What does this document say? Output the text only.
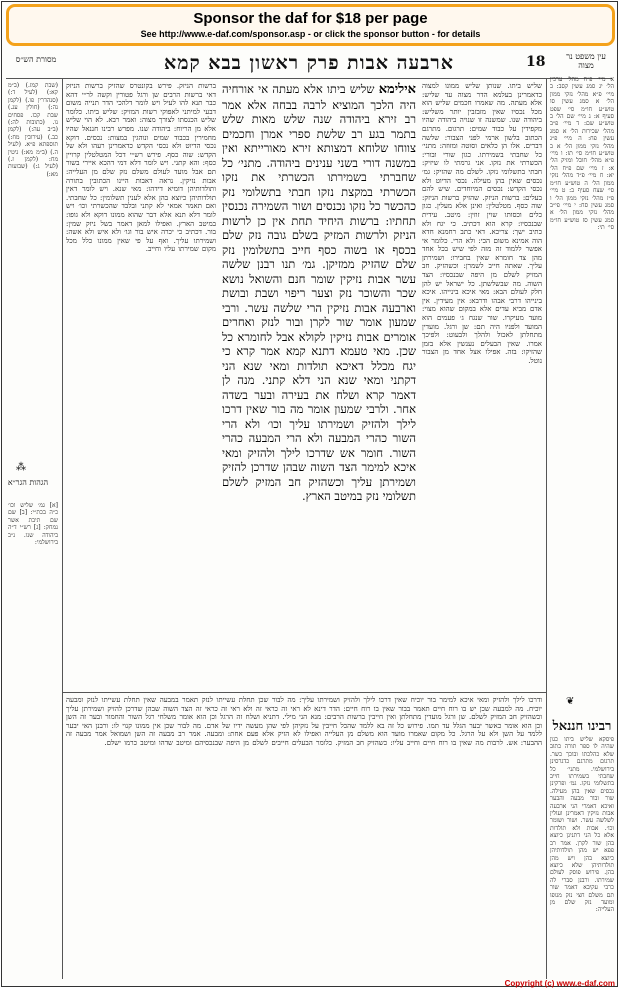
Sponsor the daf for $18 per page
See http://www.e-daf.com/sponsor.asp - or click the sponsor button - for details
מסורת הש״ס	ארבעה אבות פרק ראשון בבא קמא	18	עין משפט נר מצוה
(שבת קמז.) (ב״מ קא:) (לעיל ד:) (סנהדרין פו.) (לקמן נה:) (חולין עג.) שבת קכז. פסחים נו. (כתובות לה:) (ב״ב עה:) (לקמן כב.) (עירובין מח:) תוספתא פ״א. (לעיל ה.) (ב״מ מא:) גיטין מח: (לקמן ז.) (לעיל ג:) (שבועות מא:)
⁂
הגהות הגר״א
[א] גמ׳ שליש וכו׳ כ״ה בכת״י: [ב] שם שם תיבת אשר נמחק: [ג] רש״י ד״ה ביהודה שנו. נ״ב בירושלמי:
ברשות הניזק. פירש בקונטרס שהזיק ברשות הניזק דאי ברשות הרבים שן ורגל פטורין וקשה לר״י דהא כבר תנא להו לעיל ויש לומר דלהכי הדר תנייה משום דבעי למיתני לאפוקי רשות המזיק: שליש ביתו. כלומר שליש הכנסתו לצורך מצוה: ואמר רבא. לא הוי שליש אלא מן הריוח: ביהודה שנו. מפרש רבינו חננאל שהיו מחמירין בכבוד שמים ונוהגין במצות: נכסים. דוקא נכסי הדיוט ולא נכסי הקדש כדאמרינן רעהו ולא של הקדש: שוה כסף. פירש רש״י דכל המטלטלין קרויין כסף: והא קתני. ויש לומר דלא דמי דהכא איירי בשור תם אבל מועד לעולם משלם נזק שלם מן העלייה: אבות נזיקין. נראה דאבות היינו הכתובין בתורה ותולדותיהן דומיא דידהו: מאי שנא. ויש לומר דאין תולדותיהן כיוצא בהן אלא לענין תשלומין: כל שחבתי. ואם תאמר אמאי לא קתני ובלבד שהכשרתי וכו׳ ויש לומר דלא תנא אלא דבר שהוא ממונו דוקא ולא גופו: במיטב הארץ. ואפילו למאן דאמר בשל ניזק שמין: בור. דכתיב כי יכרה איש בור וגו׳ ולא איש ולא אשה: ושמירתו עליך. ואף על פי שאין ממונו כלל מכל מקום שמירתו עליו וחייב.
אילימא שליש ביתו אלא מעתה אי אורחיה היה הלכך המוציא לרבה בבחה אלא אמר רב זירא ביהודה שנה שלש מאות שלש בתמר בגע רב שלשת ספרי אמרן וחכמים צווחו שלוחא דמצותא זירא מאורייתא ואין במשנה דורי בשני ענינים ביהודה. מתני׳ כל שחברתי בשמירתו הכשרתי את נזקו הכשרתי במקצת נזקו חבתי בתשלומי נזק כהכשר כל נזקו נכנסים ושור השמירה נכנסין תחתיו: ברשות היחיד תחת אין כן לרשות הניזק ולרשות המזיק בשלם גובה נזק שלם בכסף או בשוה כסף חייב בתשלומין נזק שלם שהזיק ממזיקן. גמ׳ תנו רבנן שלשה עשר אבות נזיקין שומר חנם והשואל נושא שכר והשוכר נזק וצער ריפוי ושבת ובושת וארבעה אבות נזיקין הרי שלשה עשר. ורבי שמעון אומר שור לקרן ובור לנזק ואחרים אומרים אבות נזיקין לקולא אבל לחומרא כל שכן. מאי טעמא דתנא קמא אמר קרא כי יגח מכלל דאיכא תולדות ומאי שנא הני דקתני ומאי שנא הני דלא קתני. מנה לן דאמר קרא ושלח את בעירה ובער בשדה אחר. ולרבי שמעון אומר מה בור שאין דרכו לילך ולהזיק ושמירתו עליך וכו׳ ולא הרי השור כהרי המבעה ולא הרי המבעה כהרי השור. חומר אש שדרכו לילך ולהזיק ומאי איכא למימר הצד השוה שבהן שדרכן להזיק ושמירתן עליך וכשהזיק חב המזיק לשלם תשלומי נזק במיטב הארץ.
שליש ביתו. שנותן שליש ממונו למצוה כדאמרינן בעלמא הדר מצוה עד שליש: אלא מעתה. מה שאמרו חכמים שליש הוא מכל נכסיו שאין מזבזבין יותר משליש: ביהודה שנו. שמשנה זו שנויה ביהודה שהיו מקפידין על כבוד שמים: תרגום. מתרגם הכתוב בלשון ארמי לפני הצבור: שלשה דברים. אלו הן כלאים וסוטה ומזוזה: מתני׳ כל שחבתי בשמירתו. כגון שורי ובורי: הכשרתי את נזקו. אני גרמתי לו שיזיק: חבתי בתשלומי נזקו. לשלם מה שהזיק: גמ׳ נכסים שאין בהן מעילה. נכסי הדיוט ולא נכסי הקדש: נכסים המיוחדים. שיש להם בעלים: ברשות הניזק. שהזיק ברשות הניזק: שוה כסף. מטלטלין: ואינן אלא מעלין. כגון כלים וכסותו שוין זוזין: מיטב. עידית שבנכסיו: קרא הוא דכתיב. כי יגח ולא כתיב ישך: צריכא. דאי כתב רחמנא חדא הוה אמינא משום הכי: ולא הרי. כלומר אי אפשר ללמוד זה מזה לפי שיש בכל אחד מהן צד חומרא שאין בחבירו: ושמירתן עליך. שאתה חייב לשמרן: וכשהזיק. חב המזיק לשלם מן היפה שבנכסיו: הצד השוה. מה שבשלשתן. כל ישראל יש להן חלק לעולם הבא: מאי איכא בינייהו. איכא בינייהו דרבי אבהו ודרבא: אין מעידין. אין אדם מביא עדים אלא במקום שהוא מצוי: מועד מעיקרו. שור שנגח ג׳ פעמים הוא המועד ולפניו היה תם: שן ורגל. מועדין מתחלתן לאכול ולהלך ולבעוט: ולפיכך אמרו. שאין הבעלים נענשין אלא בזמן שהזיקו: בזה. אפילו אצל אחד מן הצבור נוטל.
ודרכו לילך ולהזיק ומאי איכא למימר בור יוכיח שאין דרכו לילך ולהזיק ושמירתו עליך: מה לבור שכן תחלת עשייתו לנזק תאמר במבעה שאין תחלת עשייתו לנזק ומבעה יוכיח. מה למבעה שכן יש בו רוח חיים תאמר בבור שאין בו רוח חיים: הדר דינא לא ראי זה כראי זה ולא ראי זה כראי זה הצד השוה שבהן שדרכן להזיק ושמירתן עליך וכשהזיק חב המזיק לשלם. שן ורגל מועדין מתחלתן ואין חייבין ברשות הרבים: מנא הני מילי. דתניא ושלח זה הרגל וכן הוא אומר משלחי רגל השור והחמור ובער זה השן וכן הוא אומר כאשר יבער הגלל עד תמו. פירוש כל זה בא ללמד שהכל חייבין על נזקיהן לפי שהן מעשה ידיו של אדם. מה לבור שכן אין ממונו קנוי לו: ורבנן האי יבער ללמד על השן ולא על הרגל. כל מקום שאמרו מועד הוא משלם מן העלייה ואפילו לא הזיק אלא פעם אחת: ומבעה. אמר רב מבעה זה השן ושמואל אמר מבעה זה ההבער: אש. לרבות מה שאין בו רוח חיים וחייב עליו: כשהזיק חב המזיק. כלומר הבעלים חייבים לשלם מן היפה שבנכסיהם ומיטב שדהו ומיטב כרמו ישלם.
א מיי׳ פ״ח מהל׳ ערכין הל׳ יג סמג עשין קסב: ב מיי׳ פ״א מהל׳ נזקי ממון הל׳ א סמג עשין סו טוש״ע חו״מ סי׳ שפט סעיף א: ג מיי׳ שם הל׳ ב טוש״ע שם: ד מיי׳ פ״ב מהל׳ שכירות הל׳ א סמג עשין פח: ה מיי׳ פ״ג מהל׳ נזקי ממון הל׳ א ב טוש״ע חו״מ סי׳ תז: ו מיי׳ פ״א מהל׳ חובל ומזיק הל׳ א: ז מיי׳ שם פ״ח הל׳ יא: ח מיי׳ פ״ד מהל׳ נזקי ממון הל׳ ה טוש״ע חו״מ סי׳ שצח סעיף ב: ט מיי׳ פ״ז מהל׳ נזקי ממון הל׳ ו סמג עשין סח: י מיי׳ פי״ב מהל׳ נזקי ממון הל׳ א סמג עשין סז טוש״ע חו״מ סי׳ תי:
❦
רבינו חננאל
פיסקא שליש ביתו כגון שהיה לו ספר תורה כתוב שלא כהלכתו ובוכך כשר. תרגום מתרגם כדגרסינן בירושלמי. מתני׳ כל שחבתי בשמירתו חייב בתשלומי נזקו. גמ׳ ופרקינן נכסים שאין בהן מעילה. שור ובור מבעה והבער ואיכא דאמרי הני ארבעה אבות נזיקין דאמרינן ועולין לשלשה עשר. ושור ושומר וכו׳. אבות ולא תולדות אלא כל הני דתנינן כיוצא בהן שור לקרן. אמר רב פפא יש מהן תולדותיהן כיוצא בהן ויש מהן תולדותיהן שלא כיוצא בהן. פירוש פוסק לעולם שמירתו. ורבנן סברי לה כרבי עקיבא דאמר שור תם משלם חצי נזק מגופו ומועד נזק שלם מן העלייה:
Copyright (c) www.e-daf.com
